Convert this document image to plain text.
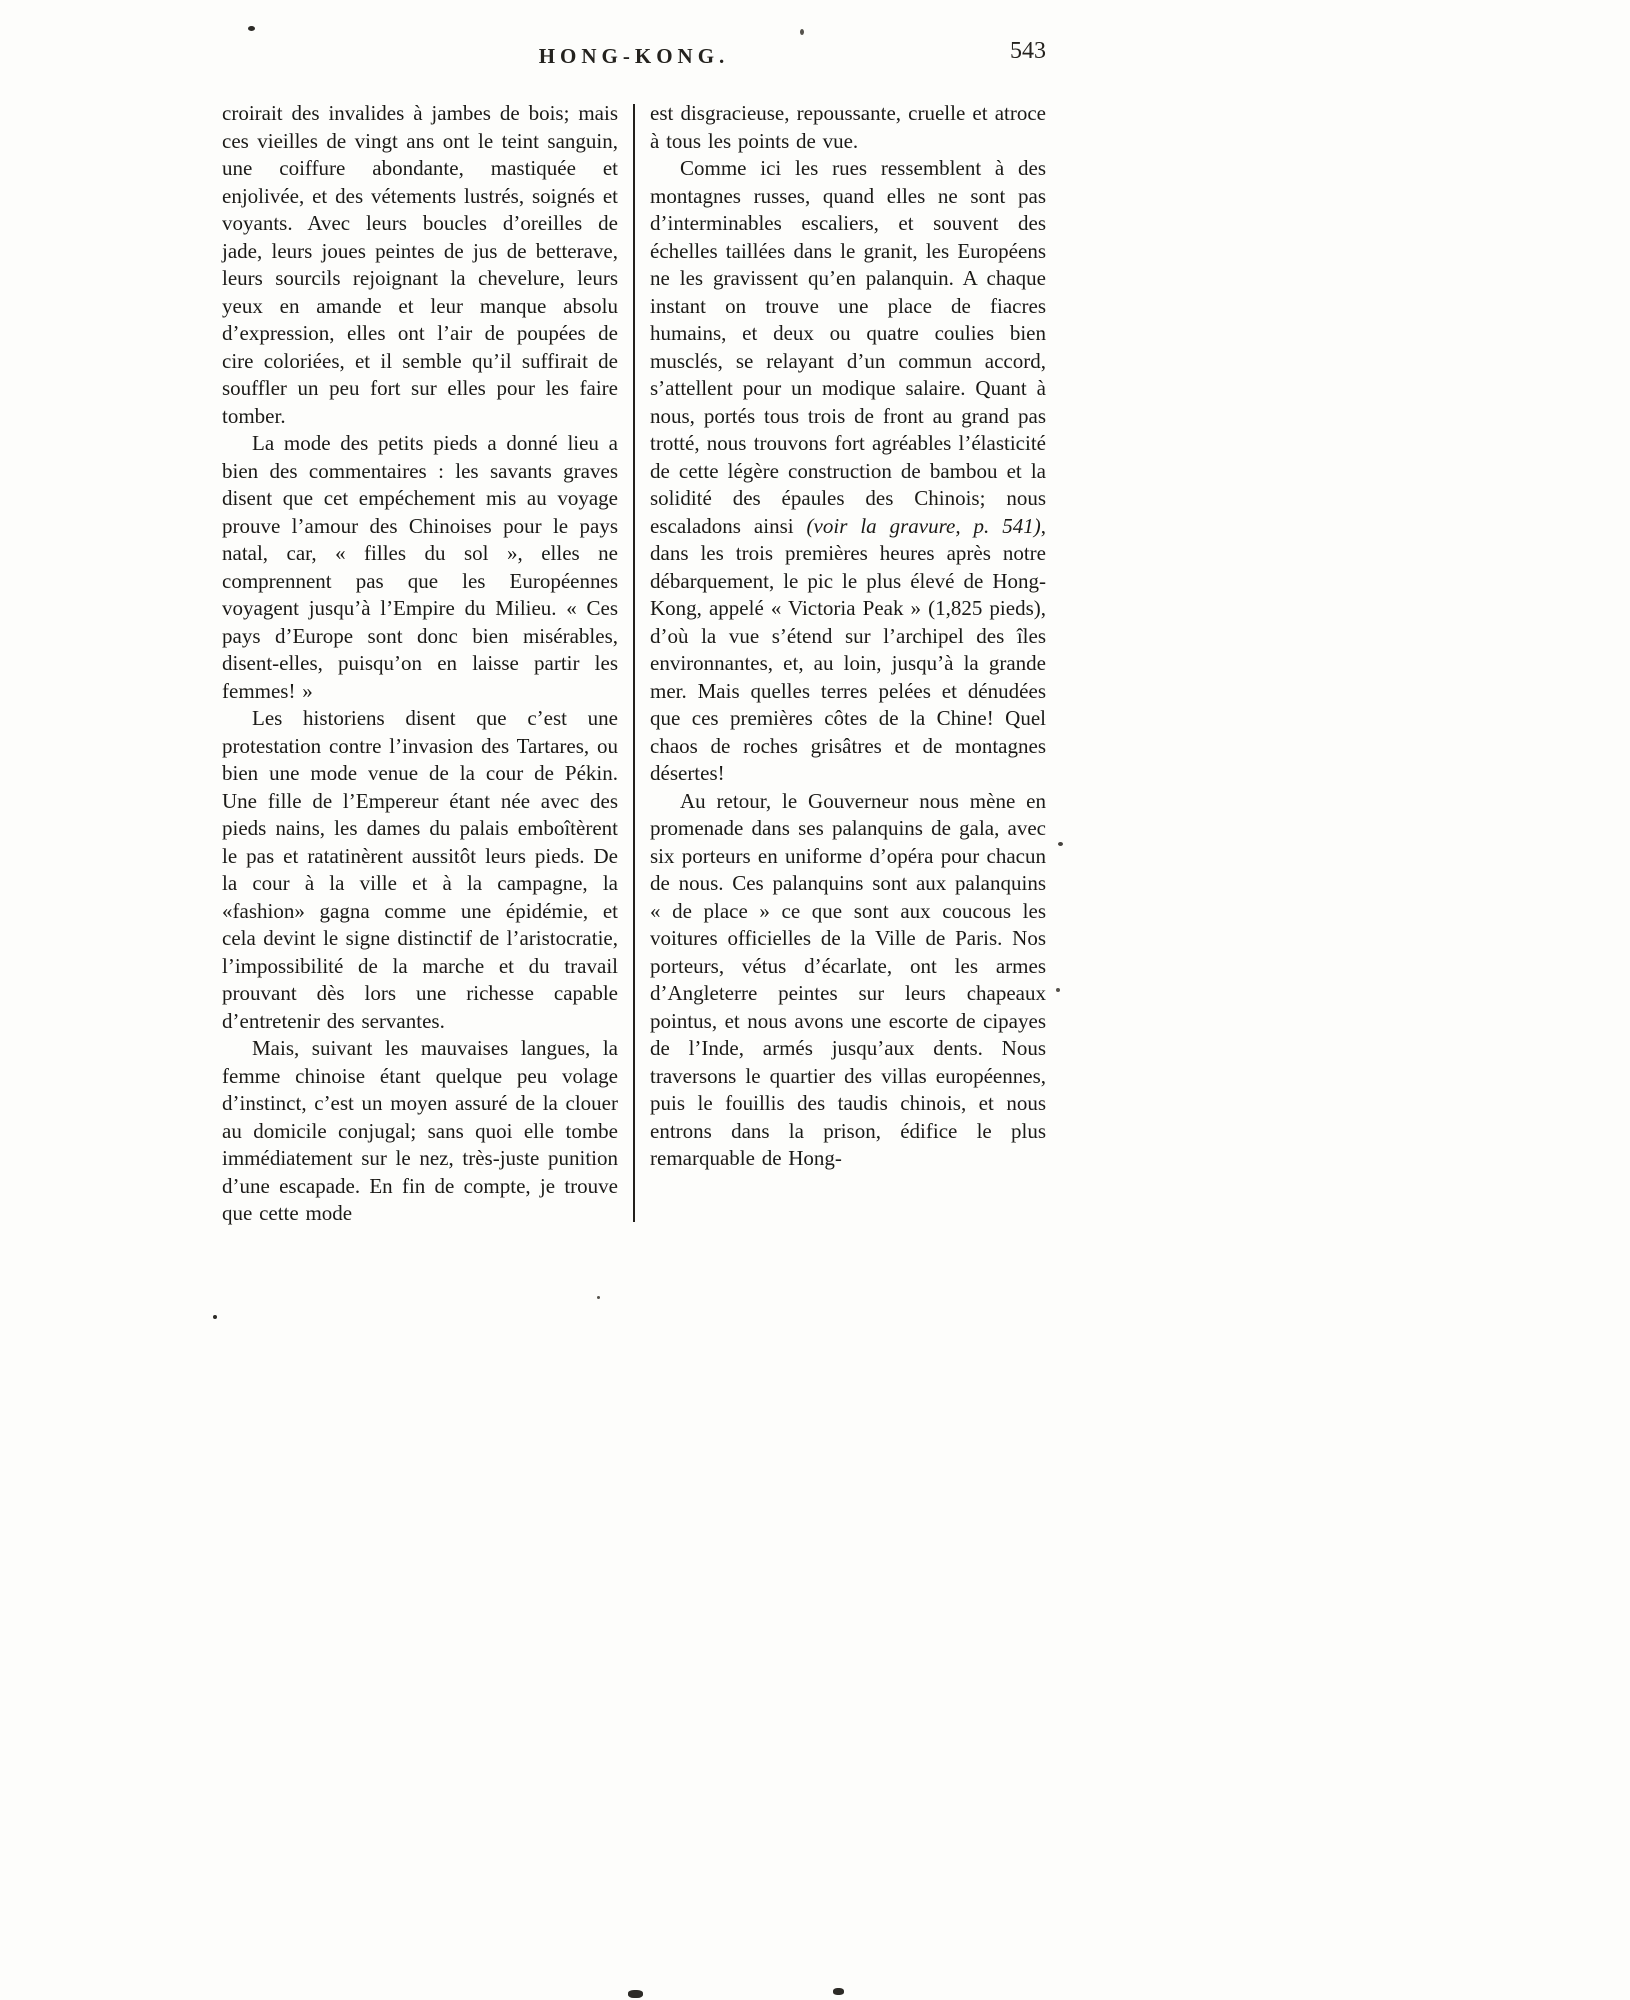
HONG-KONG.	543

croirait des invalides à jambes de bois; mais ces vieilles de vingt ans ont le teint sanguin, une coiffure abondante, mastiquée et enjolivée, et des vétements lustrés, soignés et voyants. Avec leurs boucles d’oreilles de jade, leurs joues peintes de jus de betterave, leurs sourcils rejoignant la chevelure, leurs yeux en amande et leur manque absolu d’expression, elles ont l’air de poupées de cire coloriées, et il semble qu’il suffirait de souffler un peu fort sur elles pour les faire tomber.

La mode des petits pieds a donné lieu a bien des commentaires : les savants graves disent que cet empéchement mis au voyage prouve l’amour des Chinoises pour le pays natal, car, « filles du sol », elles ne comprennent pas que les Européennes voyagent jusqu’à l’Empire du Milieu. « Ces pays d’Europe sont donc bien misérables, disent-elles, puisqu’on en laisse partir les femmes! »

Les historiens disent que c’est une protestation contre l’invasion des Tartares, ou bien une mode venue de la cour de Pékin. Une fille de l’Empereur étant née avec des pieds nains, les dames du palais emboîtèrent le pas et ratatinèrent aussitôt leurs pieds. De la cour à la ville et à la campagne, la «fashion» gagna comme une épidémie, et cela devint le signe distinctif de l’aristocratie, l’impossibilité de la marche et du travail prouvant dès lors une richesse capable d’entretenir des servantes.

Mais, suivant les mauvaises langues, la femme chinoise étant quelque peu volage d’instinct, c’est un moyen assuré de la clouer au domicile conjugal; sans quoi elle tombe immédiatement sur le nez, très-juste punition d’une escapade. En fin de compte, je trouve que cette mode

est disgracieuse, repoussante, cruelle et atroce à tous les points de vue.

Comme ici les rues ressemblent à des montagnes russes, quand elles ne sont pas d’interminables escaliers, et souvent des échelles taillées dans le granit, les Européens ne les gravissent qu’en palanquin. A chaque instant on trouve une place de fiacres humains, et deux ou quatre coulies bien musclés, se relayant d’un commun accord, s’attellent pour un modique salaire. Quant à nous, portés tous trois de front au grand pas trotté, nous trouvons fort agréables l’élasticité de cette légère construction de bambou et la solidité des épaules des Chinois; nous escaladons ainsi (voir la gravure, p. 541), dans les trois premières heures après notre débarquement, le pic le plus élevé de Hong-Kong, appelé « Victoria Peak » (1,825 pieds), d’où la vue s’étend sur l’archipel des îles environnantes, et, au loin, jusqu’à la grande mer. Mais quelles terres pelées et dénudées que ces premières côtes de la Chine! Quel chaos de roches grisâtres et de montagnes désertes!

Au retour, le Gouverneur nous mène en promenade dans ses palanquins de gala, avec six porteurs en uniforme d’opéra pour chacun de nous. Ces palanquins sont aux palanquins « de place » ce que sont aux coucous les voitures officielles de la Ville de Paris. Nos porteurs, vétus d’écarlate, ont les armes d’Angleterre peintes sur leurs chapeaux pointus, et nous avons une escorte de cipayes de l’Inde, armés jusqu’aux dents. Nous traversons le quartier des villas européennes, puis le fouillis des taudis chinois, et nous entrons dans la prison, édifice le plus remarquable de Hong-
